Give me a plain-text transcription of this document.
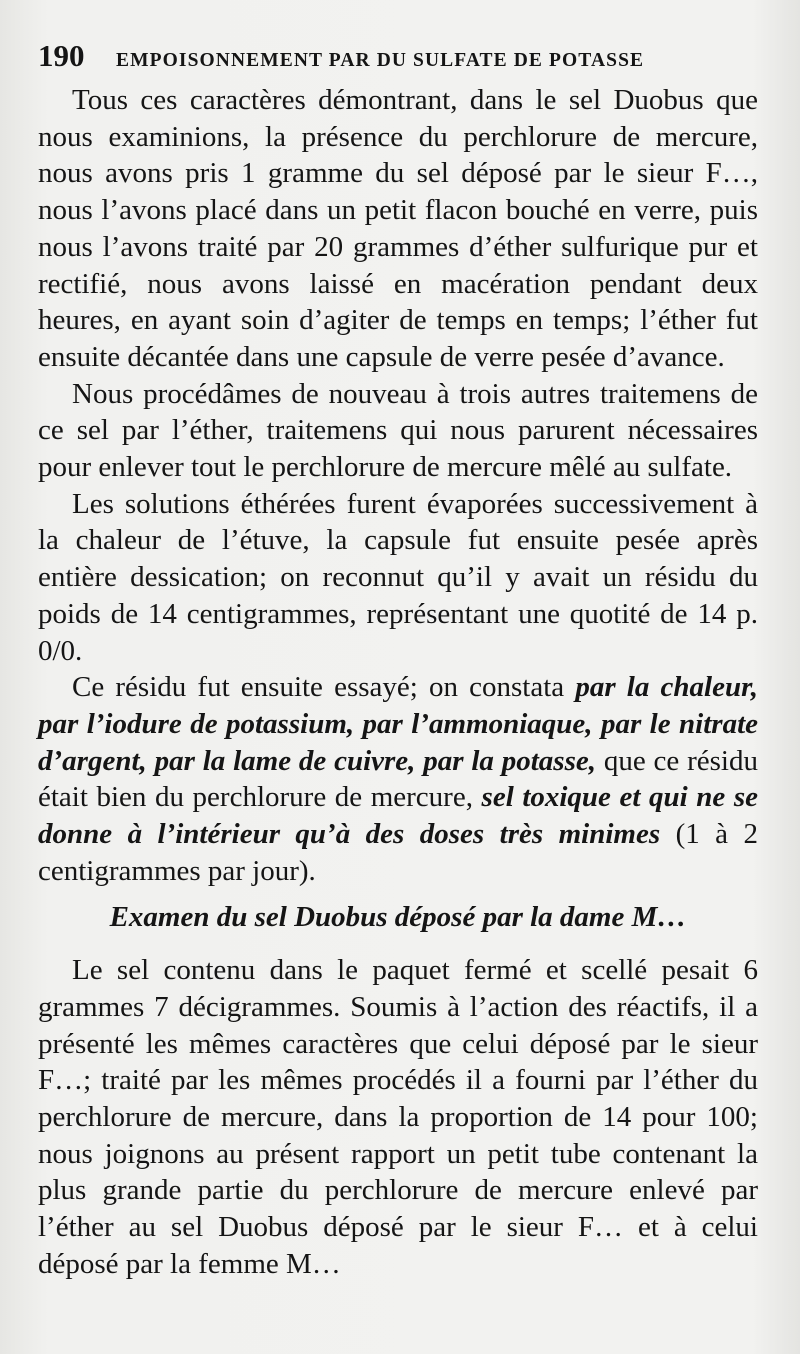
190	EMPOISONNEMENT PAR DU SULFATE DE POTASSE

Tous ces caractères démontrant, dans le sel Duobus que nous examinions, la présence du perchlorure de mercure, nous avons pris 1 gramme du sel déposé par le sieur F…, nous l’avons placé dans un petit flacon bouché en verre, puis nous l’avons traité par 20 grammes d’éther sulfurique pur et rectifié, nous avons laissé en macération pendant deux heures, en ayant soin d’agiter de temps en temps; l’éther fut ensuite décantée dans une capsule de verre pesée d’avance.

Nous procédâmes de nouveau à trois autres traitemens de ce sel par l’éther, traitemens qui nous parurent nécessaires pour enlever tout le perchlorure de mercure mêlé au sulfate.

Les solutions éthérées furent évaporées successivement à la chaleur de l’étuve, la capsule fut ensuite pesée après entière dessication; on reconnut qu’il y avait un résidu du poids de 14 centigrammes, représentant une quotité de 14 p. 0/0.

Ce résidu fut ensuite essayé; on constata par la chaleur, par l’iodure de potassium, par l’ammoniaque, par le nitrate d’argent, par la lame de cuivre, par la potasse, que ce résidu était bien du perchlorure de mercure, sel toxique et qui ne se donne à l’intérieur qu’à des doses très minimes (1 à 2 centigrammes par jour).

Examen du sel Duobus déposé par la dame M…

Le sel contenu dans le paquet fermé et scellé pesait 6 grammes 7 décigrammes. Soumis à l’action des réactifs, il a présenté les mêmes caractères que celui déposé par le sieur F…; traité par les mêmes procédés il a fourni par l’éther du perchlorure de mercure, dans la proportion de 14 pour 100; nous joignons au présent rapport un petit tube contenant la plus grande partie du perchlorure de mercure enlevé par l’éther au sel Duobus déposé par le sieur F… et à celui déposé par la femme M…
